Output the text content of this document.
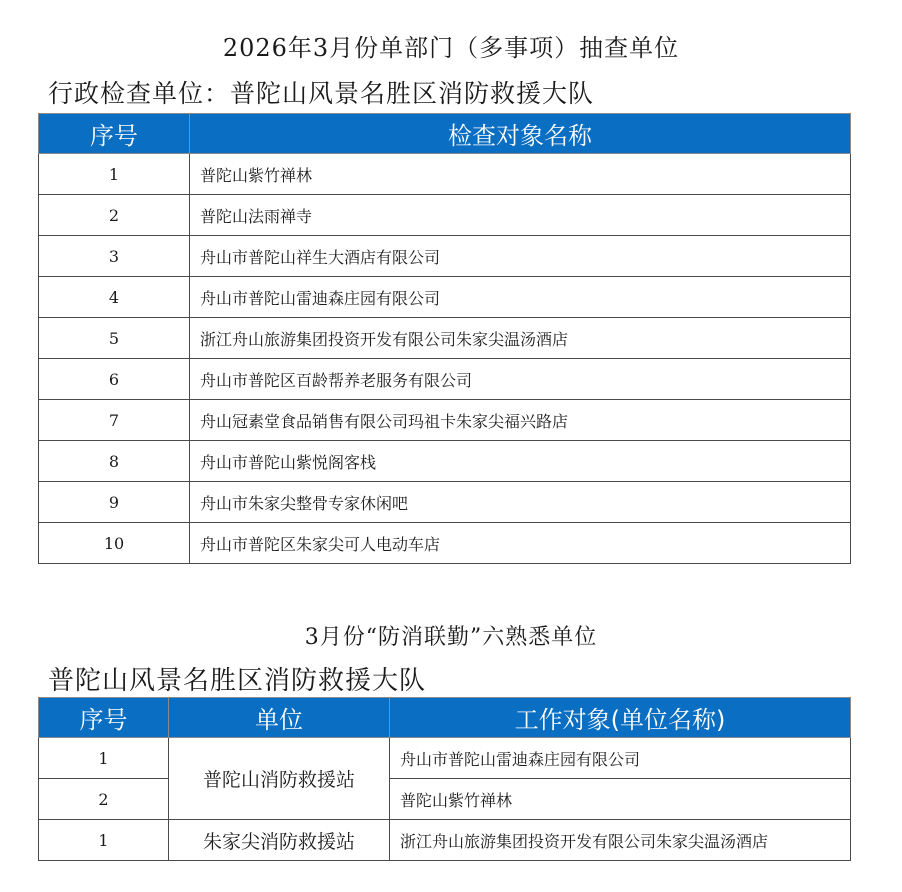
2026年3月份单部门（多事项）抽查单位
行政检查单位：普陀山风景名胜区消防救援大队
序号	检查对象名称
1	普陀山紫竹禅林
2	普陀山法雨禅寺
3	舟山市普陀山祥生大酒店有限公司
4	舟山市普陀山雷迪森庄园有限公司
5	浙江舟山旅游集团投资开发有限公司朱家尖温汤酒店
6	舟山市普陀区百龄帮养老服务有限公司
7	舟山冠素堂食品销售有限公司玛祖卡朱家尖福兴路店
8	舟山市普陀山紫悦阁客栈
9	舟山市朱家尖整骨专家休闲吧
10	舟山市普陀区朱家尖可人电动车店
3月份“防消联勤”六熟悉单位
普陀山风景名胜区消防救援大队
序号	单位	工作对象(单位名称)
1	普陀山消防救援站	舟山市普陀山雷迪森庄园有限公司
2		普陀山紫竹禅林
1	朱家尖消防救援站	浙江舟山旅游集团投资开发有限公司朱家尖温汤酒店
